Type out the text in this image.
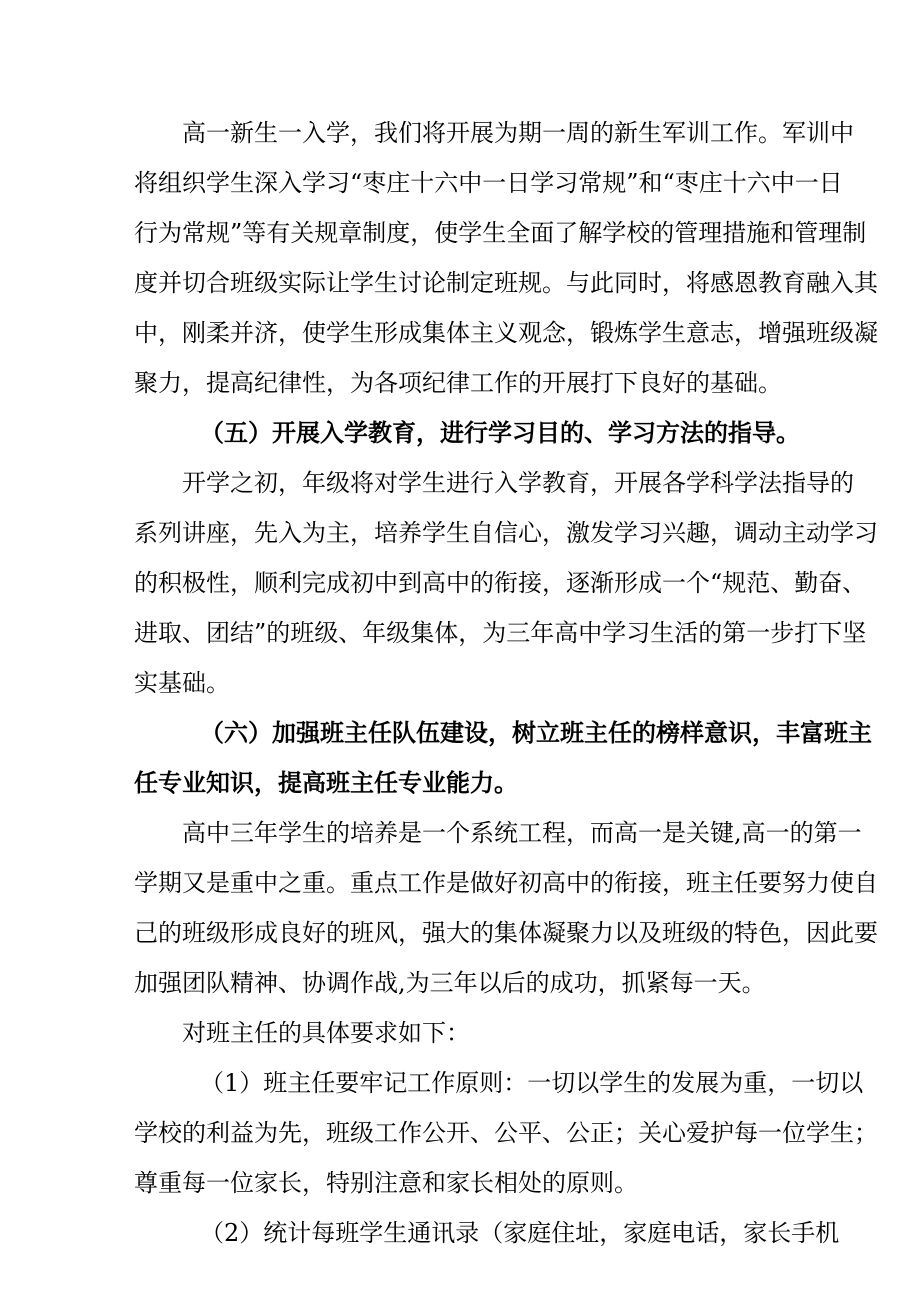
高一新生一入学，我们将开展为期一周的新生军训工作。军训中
将组织学生深入学习“枣庄十六中一日学习常规”和“枣庄十六中一日
行为常规”等有关规章制度，使学生全面了解学校的管理措施和管理制
度并切合班级实际让学生讨论制定班规。与此同时，将感恩教育融入其
中，刚柔并济，使学生形成集体主义观念，锻炼学生意志，增强班级凝
聚力，提高纪律性，为各项纪律工作的开展打下良好的基础。
（五）开展入学教育，进行学习目的、学习方法的指导。
开学之初，年级将对学生进行入学教育，开展各学科学法指导的
系列讲座，先入为主，培养学生自信心，激发学习兴趣，调动主动学习
的积极性，顺利完成初中到高中的衔接，逐渐形成一个“规范、勤奋、
进取、团结”的班级、年级集体，为三年高中学习生活的第一步打下坚
实基础。
（六）加强班主任队伍建设，树立班主任的榜样意识，丰富班主
任专业知识，提高班主任专业能力。
高中三年学生的培养是一个系统工程，而高一是关键,高一的第一
学期又是重中之重。重点工作是做好初高中的衔接，班主任要努力使自
己的班级形成良好的班风，强大的集体凝聚力以及班级的特色，因此要
加强团队精神、协调作战,为三年以后的成功，抓紧每一天。
对班主任的具体要求如下：
（1）班主任要牢记工作原则：一切以学生的发展为重，一切以
学校的利益为先，班级工作公开、公平、公正；关心爱护每一位学生；
尊重每一位家长，特别注意和家长相处的原则。
（2）统计每班学生通讯录（家庭住址，家庭电话，家长手机
